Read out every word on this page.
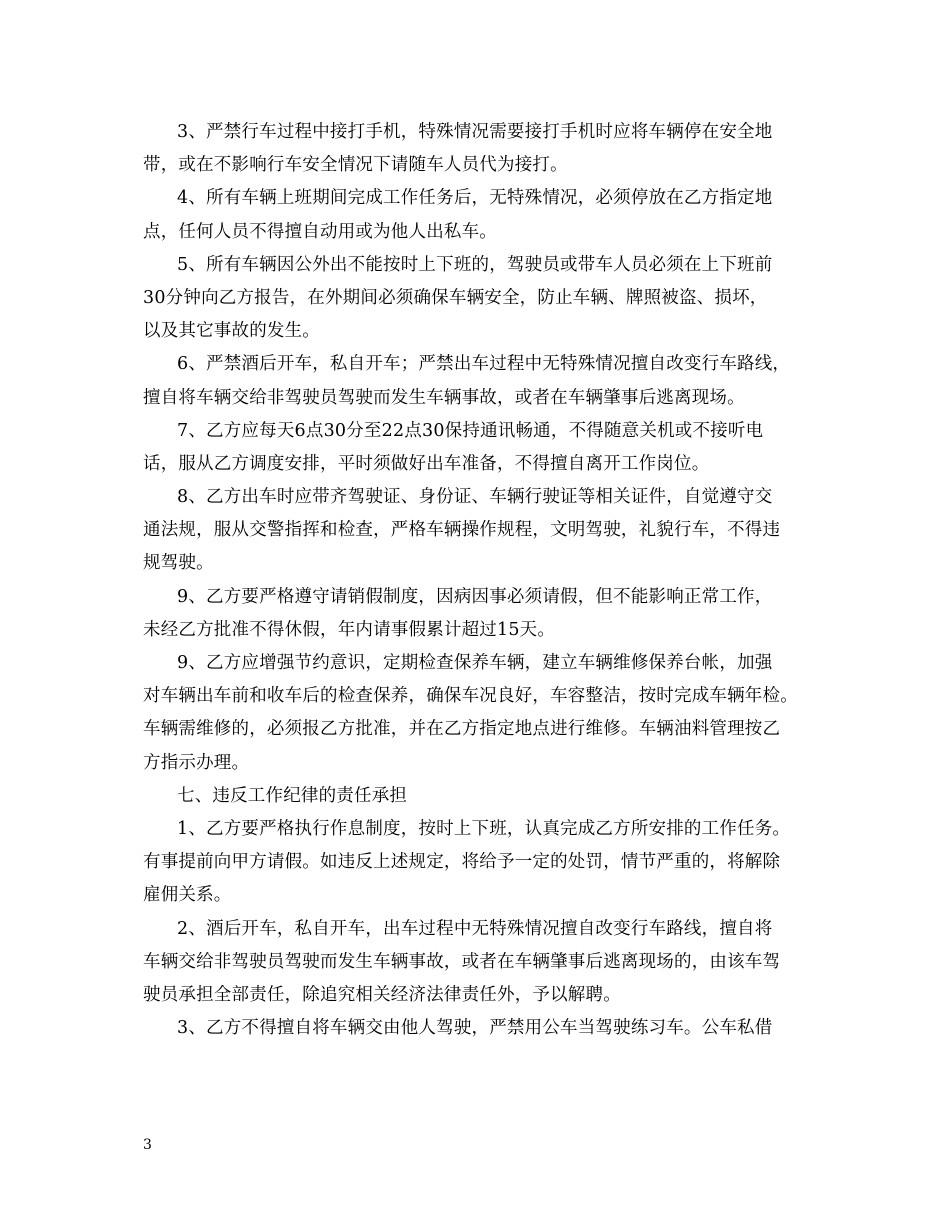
3、严禁行车过程中接打手机，特殊情况需要接打手机时应将车辆停在安全地
带，或在不影响行车安全情况下请随车人员代为接打。
4、所有车辆上班期间完成工作任务后，无特殊情况，必须停放在乙方指定地
点，任何人员不得擅自动用或为他人出私车。
5、所有车辆因公外出不能按时上下班的，驾驶员或带车人员必须在上下班前
30分钟向乙方报告，在外期间必须确保车辆安全，防止车辆、牌照被盗、损坏，
以及其它事故的发生。
6、严禁酒后开车，私自开车；严禁出车过程中无特殊情况擅自改变行车路线，
擅自将车辆交给非驾驶员驾驶而发生车辆事故，或者在车辆肇事后逃离现场。
7、乙方应每天6点30分至22点30保持通讯畅通，不得随意关机或不接听电
话，服从乙方调度安排，平时须做好出车准备，不得擅自离开工作岗位。
8、乙方出车时应带齐驾驶证、身份证、车辆行驶证等相关证件，自觉遵守交
通法规，服从交警指挥和检查，严格车辆操作规程，文明驾驶，礼貌行车，不得违
规驾驶。
9、乙方要严格遵守请销假制度，因病因事必须请假，但不能影响正常工作，
未经乙方批准不得休假，年内请事假累计超过15天。
9、乙方应增强节约意识，定期检查保养车辆，建立车辆维修保养台帐，加强
对车辆出车前和收车后的检查保养，确保车况良好，车容整洁，按时完成车辆年检。
车辆需维修的，必须报乙方批准，并在乙方指定地点进行维修。车辆油料管理按乙
方指示办理。
七、违反工作纪律的责任承担
1、乙方要严格执行作息制度，按时上下班，认真完成乙方所安排的工作任务。
有事提前向甲方请假。如违反上述规定，将给予一定的处罚，情节严重的，将解除
雇佣关系。
2、酒后开车，私自开车，出车过程中无特殊情况擅自改变行车路线，擅自将
车辆交给非驾驶员驾驶而发生车辆事故，或者在车辆肇事后逃离现场的，由该车驾
驶员承担全部责任，除追究相关经济法律责任外，予以解聘。
3、乙方不得擅自将车辆交由他人驾驶，严禁用公车当驾驶练习车。公车私借
3
